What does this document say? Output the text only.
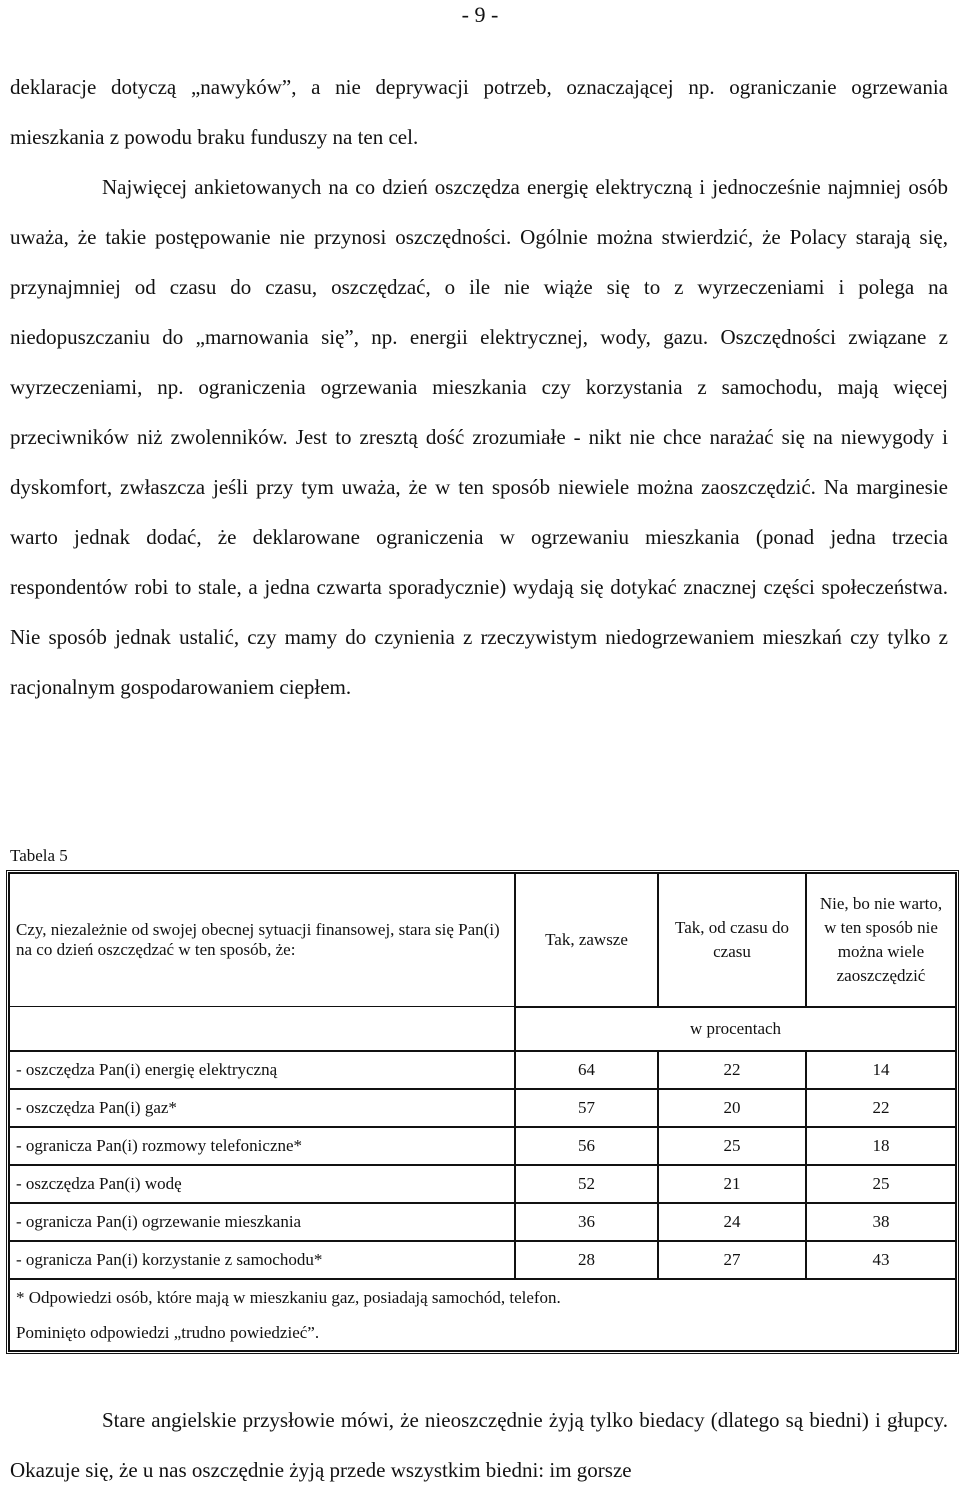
- 9 -

deklaracje dotyczą „nawyków”, a nie deprywacji potrzeb, oznaczającej np. ograniczanie ogrzewania mieszkania z powodu braku funduszy na ten cel.

Najwięcej ankietowanych na co dzień oszczędza energię elektryczną i jednocześnie najmniej osób uważa, że takie postępowanie nie przynosi oszczędności. Ogólnie można stwierdzić, że Polacy starają się, przynajmniej od czasu do czasu, oszczędzać, o ile nie wiąże się to z wyrzeczeniami i polega na niedopuszczaniu do „marnowania się”, np. energii elektrycznej, wody, gazu. Oszczędności związane z wyrzeczeniami, np. ograniczenia ogrzewania mieszkania czy korzystania z samochodu, mają więcej przeciwników niż zwolenników. Jest to zresztą dość zrozumiałe - nikt nie chce narażać się na niewygody i dyskomfort, zwłaszcza jeśli przy tym uważa, że w ten sposób niewiele można zaoszczędzić. Na marginesie warto jednak dodać, że deklarowane ograniczenia w ogrzewaniu mieszkania (ponad jedna trzecia respondentów robi to stale, a jedna czwarta sporadycznie) wydają się dotykać znacznej części społeczeństwa. Nie sposób jednak ustalić, czy mamy do czynienia z rzeczywistym niedogrzewaniem mieszkań czy tylko z racjonalnym gospodarowaniem ciepłem.

Tabela 5
Czy, niezależnie od swojej obecnej sytuacji finansowej, stara się Pan(i) na co dzień oszczędzać w ten sposób, że:	Tak, zawsze	Tak, od czasu do czasu	Nie, bo nie warto, w ten sposób nie można wiele zaoszczędzić

	w procentach		
- oszczędza Pan(i) energię elektryczną	64	22	14
- oszczędza Pan(i) gaz*	57	20	22
- ogranicza Pan(i) rozmowy telefoniczne*	56	25	18
- oszczędza Pan(i) wodę	52	21	25
- ogranicza Pan(i) ogrzewanie mieszkania	36	24	38
- ogranicza Pan(i) korzystanie z samochodu*	28	27	43

* Odpowiedzi osób, które mają w mieszkaniu gaz, posiadają samochód, telefon.
Pominięto odpowiedzi „trudno powiedzieć”.			

Stare angielskie przysłowie mówi, że nieoszczędnie żyją tylko biedacy (dlatego są biedni) i głupcy. Okazuje się, że u nas oszczędnie żyją przede wszystkim biedni: im gorsze
